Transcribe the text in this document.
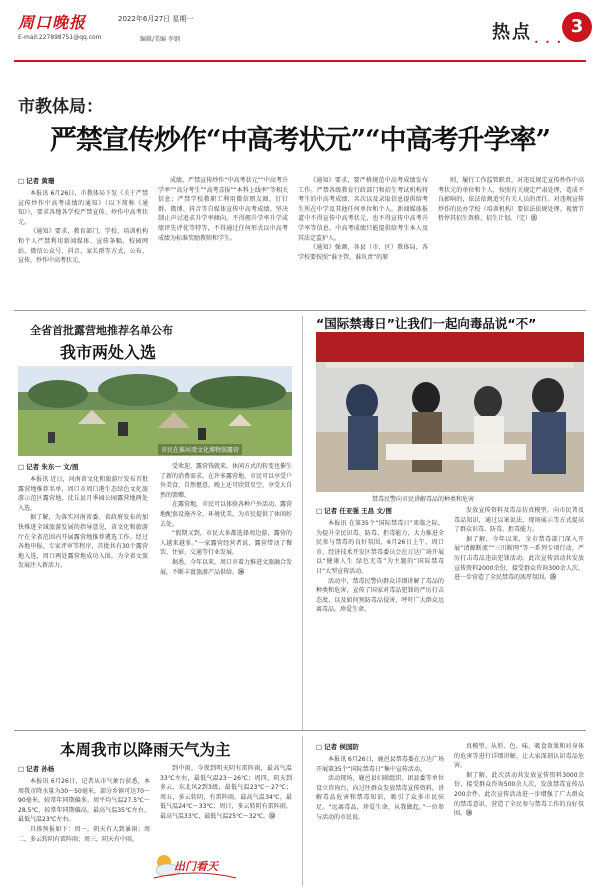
周口晚报	2022年6月27日 星期一
E-mail:227898751@qq.com	编辑/美编 李钢	• • •
热点	3
市教体局：
严禁宣传炒作“中高考状元”“中高考升学率”
□ 记者 黄珊

本报讯 6月26日，市教体局下发《关于严禁宣传炒作中高考成绩的通知》（以下简称《通知》），要求各地各学校严禁宣传、炒作中高考状元。

《通知》要求，教育部门、学校、培训机构和个人严禁利用新闻媒体、宣传条幅、校园网站、微信公众号、抖音、家长群等方式，公布、宣传、炒作中高考状元、

成绩，严禁宣传炒作“中高考状元”“中高考升学率”“高分考生”“高考喜报”“本科上线率”等相关信息；严禁学校教职工利用微信朋友圈、钉钉群、微博、抖音等自媒体宣传中高考成绩。坚决制止声讨追求升学率倾向。不得拥升学率升学成绩评先评优等特等，不得通过任何形式以中高考成绩为标准奖励教师和学生。

《通知》要求，要严格规范中高考成绩发布工作。严禁各级教育行政部门和招生考试机构将考生的中高考成绩、名次以及录取信息提供给考生所在中学及其他任何单位和个人。新闻媒体报道中不得宣传中高考状元，也不得宣传中高考升学率等信息。中高考成绩只能提供给考生本人及其法定监护人。

《通知》强调，各县（市、区）教体局、各学校要按照“谁主管，谁负责”的原

则，履行工作监管职责，对违反规定宣传炒作中高考状元的单位和个人，按照有关规定严肃处理，造成不良影响的，依法依规追究有关人员的责任。对违规宣传炒作的民办学校（培训机构）要依法依规处理。视情节暂停其招生资格、招生计划。（完）⑪

全省首批露营地推荐名单公布
我市两处入选
市民在淮河湾文化博物馆露营
□ 记者 朱东一 文/图

本报讯 近日，河南省文化和旅游厅发布首批露营地推荐名单，周口市周口港生态绿色文化旅游示范区露营地、沈丘县月季园公园露营地两处入选。

据了解，为落实河南省委、省政府发布的加快推进全域旅游发展的指导意见，省文化和旅游厅在全省范围内开展露营地推荐遴选工作。经过各地申报、专家评审等程序，首批共有30个露营地入选，周口两处露营地成功入围，为全省文旅发展注入新活力。

受欢迎，露营钱就来，休闲方式的转变也催生了新的消费需求。在许多露营地，市民可以享受户外美食、自然惬意，晚上还可欣赏星空，享受大自然的馈赠。

在露营地，市民可以体验各种户外活动。露营地配套设施齐全，环境优美，为市民提供了休闲好去处。

“假期又到，市民大多都选择周边游，露营的人越来越多。”一家露营经营者说，露营带动了餐饮、住宿、交通等行业发展。

据悉，今年以来，周口市着力推进文旅融合发展，不断丰富旅游产品供给。⑯

“国际禁毒日”让我们一起向毒品说“不”
禁毒民警向市民讲解毒品的种类和危害
□ 记者 任亚强 王昌 文/图

本报讯 在第35个“国际禁毒日”来临之际，为提升全民识毒、防毒、拒毒能力，大力推进全民参与禁毒的良好氛围，6月26日上午，周口市、经济技术开发区禁毒委员会在万达广场开展以“健康人生 绿色无毒”为主题的“国际禁毒日”大型宣传活动。

活动中，禁毒民警向群众详细讲解了毒品的种类和危害，宣传了国家对毒品犯罪的严厉打击态度，以及如何预防毒品侵害，呼吁广大群众远离毒品，珍爱生命。

发放宣传资料及毒品仿真模型，向市民普及毒品知识，通过以案说法、现场展示等方式提高了群众识毒、防毒、拒毒能力。

据了解，今年以来，全市禁毒部门深入开展“清源断流”“三川断网”等一系列专项行动，严厉打击毒品违法犯罪活动。此次宣传活动共发放宣传资料2000余份，接受群众咨询300余人次，进一步营造了全民禁毒的浓厚氛围。⑮

本周我市以降雨天气为主
□ 记者 孙杨

本报讯 6月26日，记者从市气象台获悉，本周我市降水量为30～50毫米，部分乡镇可达70～90毫米，较常年同期偏多。周平均气温27.5℃～28.5℃，较常年同期偏高。最高气温35℃左右，最低气温23℃左右。

具体预报如下：周一，阴天有大到暴雨；周二，多云转阴有雷阵雨；周三，阴天有中雨。

到中雨，今夜到明天阴有雷阵雨，最高气温33℃左右，最低气温23～26℃；周四，阴天到多云，东北风2到3级，最低气温23℃～27℃；周五，多云转阴，有雷阵雨，最高气温34℃，最低气温24℃～33℃；周日，多云转阴有雷阵雨，最高气温33℃，最低气温25℃～32℃。⑫

出门看天
□ 记者 侯国防

本报讯 6月26日，鹿邑县禁毒委在万达广场开展第35个“国际禁毒日”集中宣传活动。

活动现场，鹿邑县妇联组织、团县委等单位设立咨询台，向过往群众发放禁毒宣传资料，讲解毒品危害和禁毒知识，吸引了众多市民驻足。“远离毒品，珍爱生命，从我做起。”一位参与活动的市民说。

真模型、从形、色、味、吸食效果和对身体的危害等进行详细讲解，让大家深刻认识毒品危害。

据了解，此次活动共发放宣传资料3000余份，接受群众咨询500余人次，发放禁毒宣传品200余件。此次宣传活动进一步增强了广大群众的禁毒意识，营造了全民参与禁毒工作的良好氛围。⑱
